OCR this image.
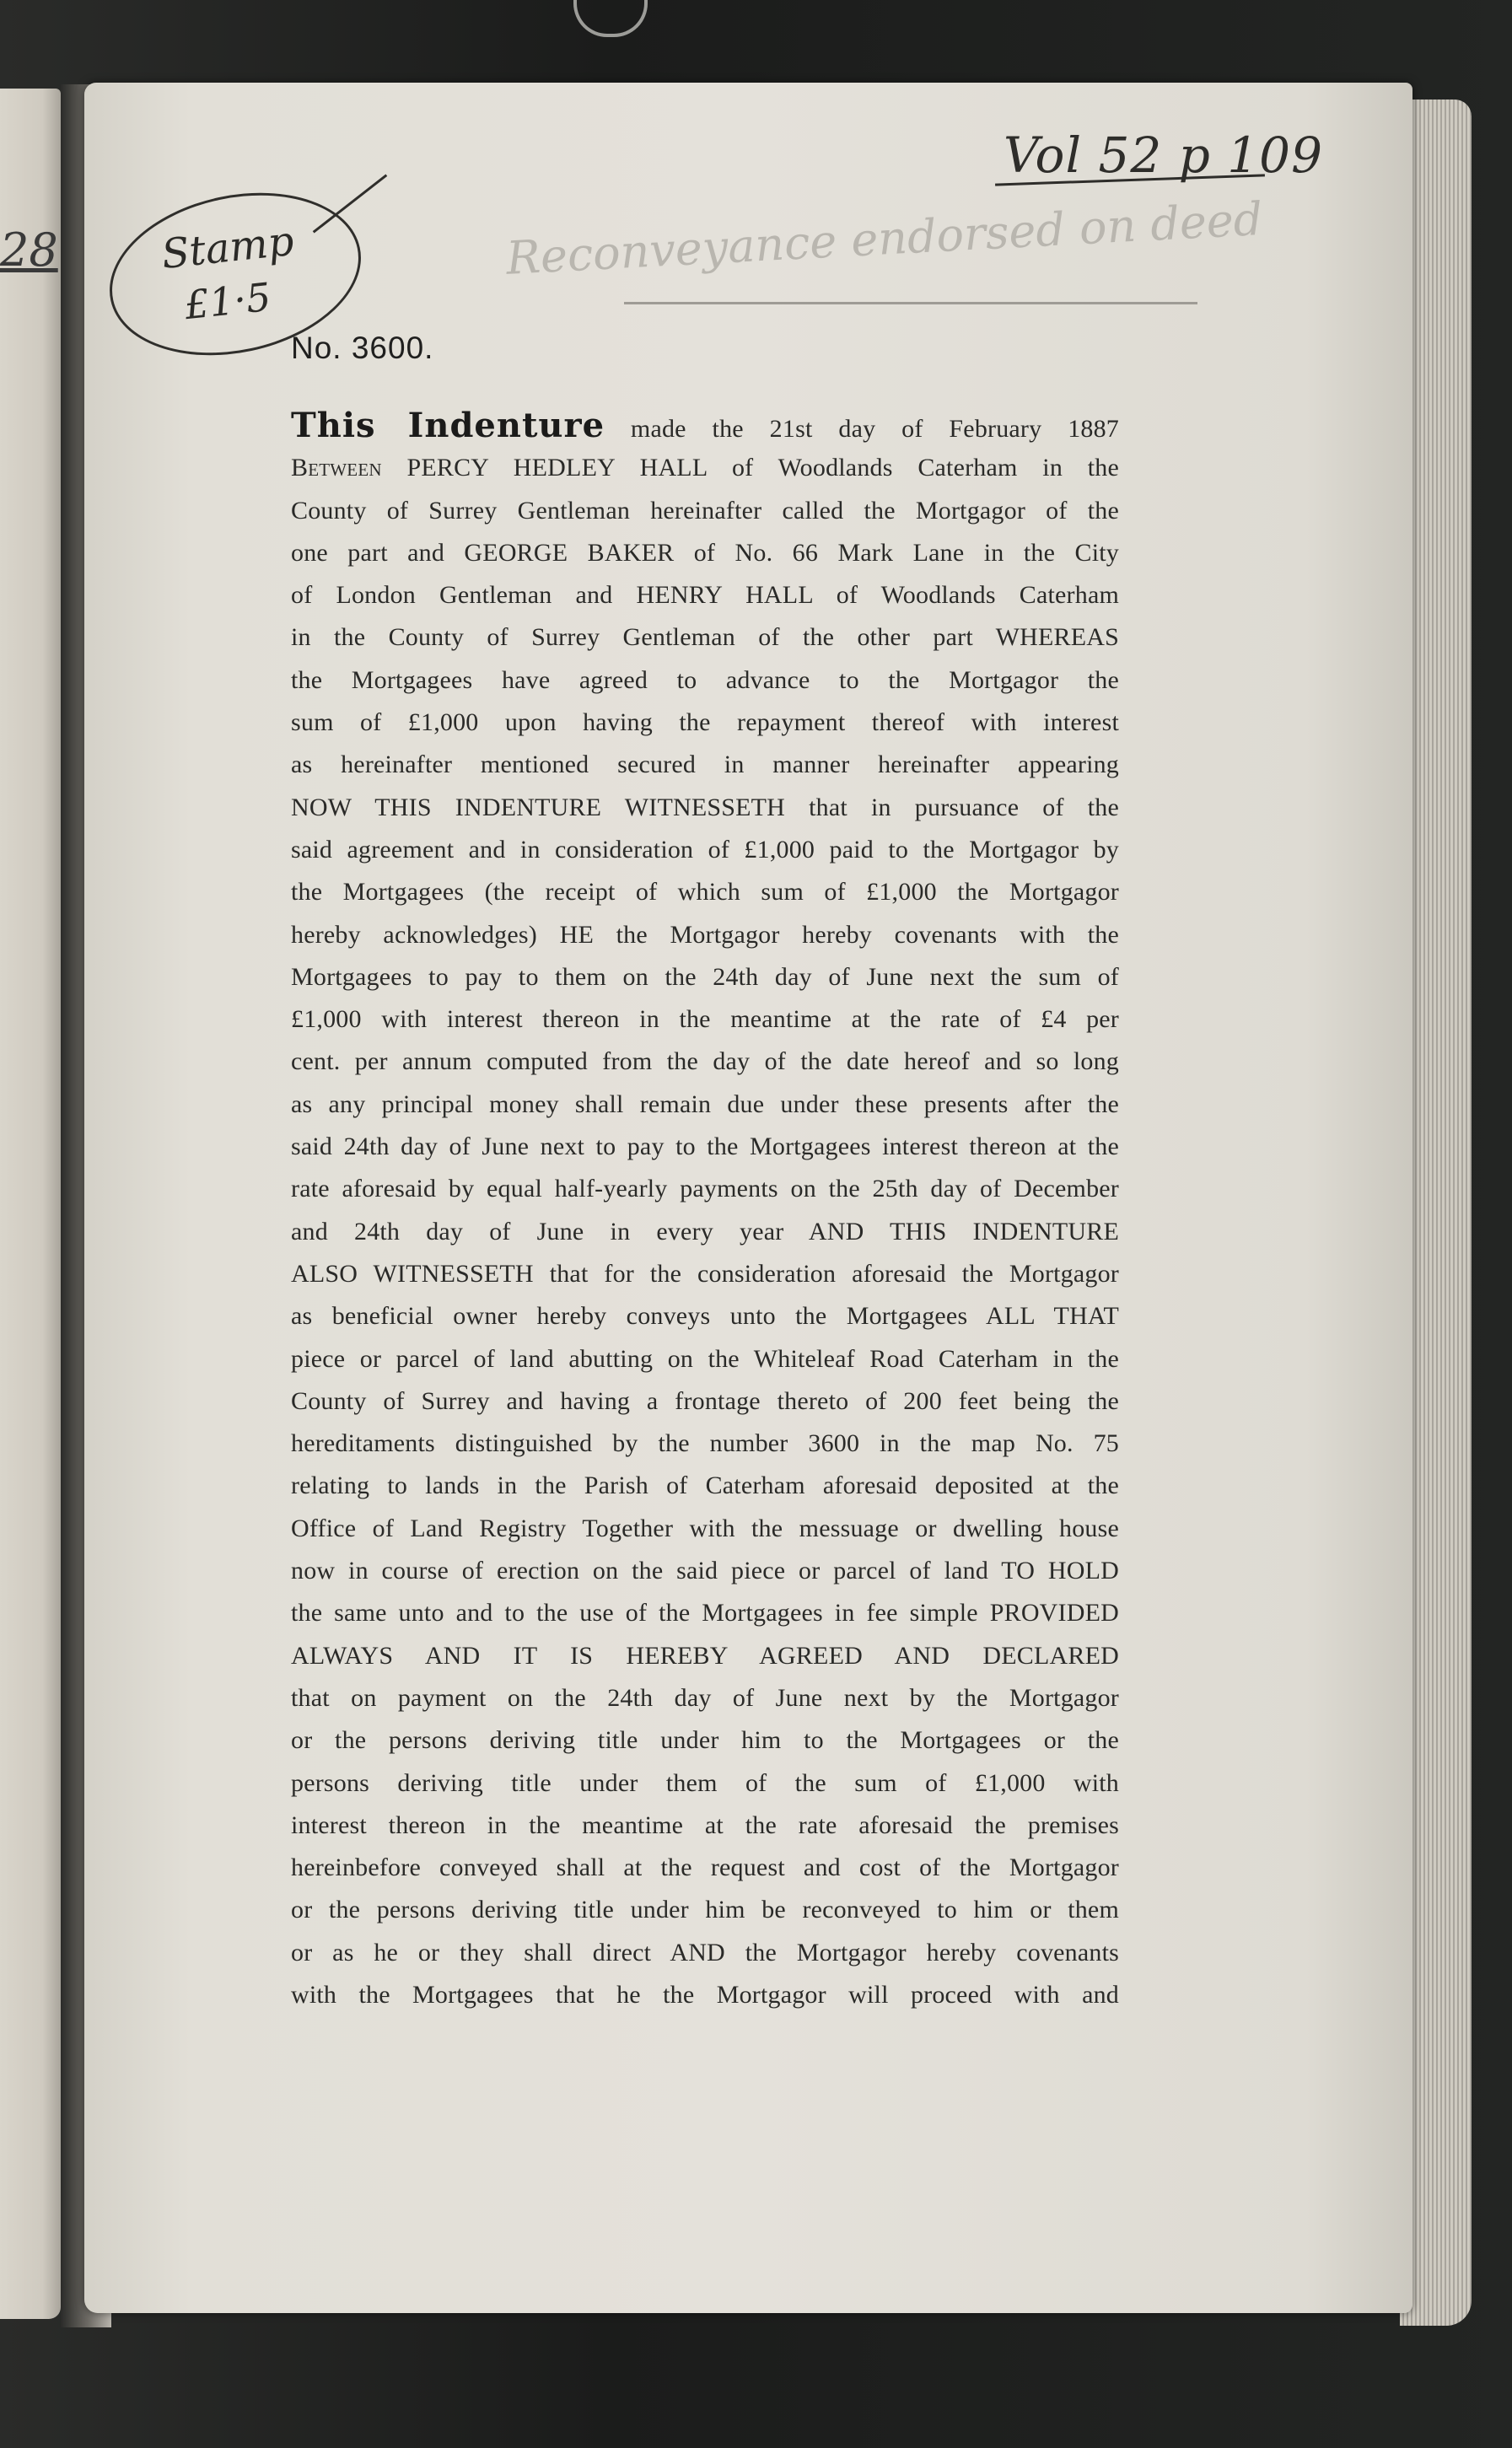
28
Vol 52 p 109
Reconveyance endorsed on deed
Stamp
£1·5
No. 3600.
This Indenture made the 21st day of February 1887
Between PERCY HEDLEY HALL of Woodlands Caterham in the
County of Surrey Gentleman hereinafter called the Mortgagor of the
one part and GEORGE BAKER of No. 66 Mark Lane in the City
of London Gentleman and HENRY HALL of Woodlands Caterham
in the County of Surrey Gentleman of the other part WHEREAS
the Mortgagees have agreed to advance to the Mortgagor the
sum of £1,000 upon having the repayment thereof with interest
as hereinafter mentioned secured in manner hereinafter appearing
NOW THIS INDENTURE WITNESSETH that in pursuance of the
said agreement and in consideration of £1,000 paid to the Mortgagor by
the Mortgagees (the receipt of which sum of £1,000 the Mortgagor
hereby acknowledges) HE the Mortgagor hereby covenants with the
Mortgagees to pay to them on the 24th day of June next the sum of
£1,000 with interest thereon in the meantime at the rate of £4 per
cent. per annum computed from the day of the date hereof and so long
as any principal money shall remain due under these presents after the
said 24th day of June next to pay to the Mortgagees interest thereon at the
rate aforesaid by equal half-yearly payments on the 25th day of December
and 24th day of June in every year AND THIS INDENTURE
ALSO WITNESSETH that for the consideration aforesaid the Mortgagor
as beneficial owner hereby conveys unto the Mortgagees ALL THAT
piece or parcel of land abutting on the Whiteleaf Road Caterham in the
County of Surrey and having a frontage thereto of 200 feet being the
hereditaments distinguished by the number 3600 in the map No. 75
relating to lands in the Parish of Caterham aforesaid deposited at the
Office of Land Registry Together with the messuage or dwelling house
now in course of erection on the said piece or parcel of land TO HOLD
the same unto and to the use of the Mortgagees in fee simple PROVIDED
ALWAYS AND IT IS HEREBY AGREED AND DECLARED
that on payment on the 24th day of June next by the Mortgagor
or the persons deriving title under him to the Mortgagees or the
persons deriving title under them of the sum of £1,000 with
interest thereon in the meantime at the rate aforesaid the premises
hereinbefore conveyed shall at the request and cost of the Mortgagor
or the persons deriving title under him be reconveyed to him or them
or as he or they shall direct AND the Mortgagor hereby covenants
with the Mortgagees that he the Mortgagor will proceed with and
